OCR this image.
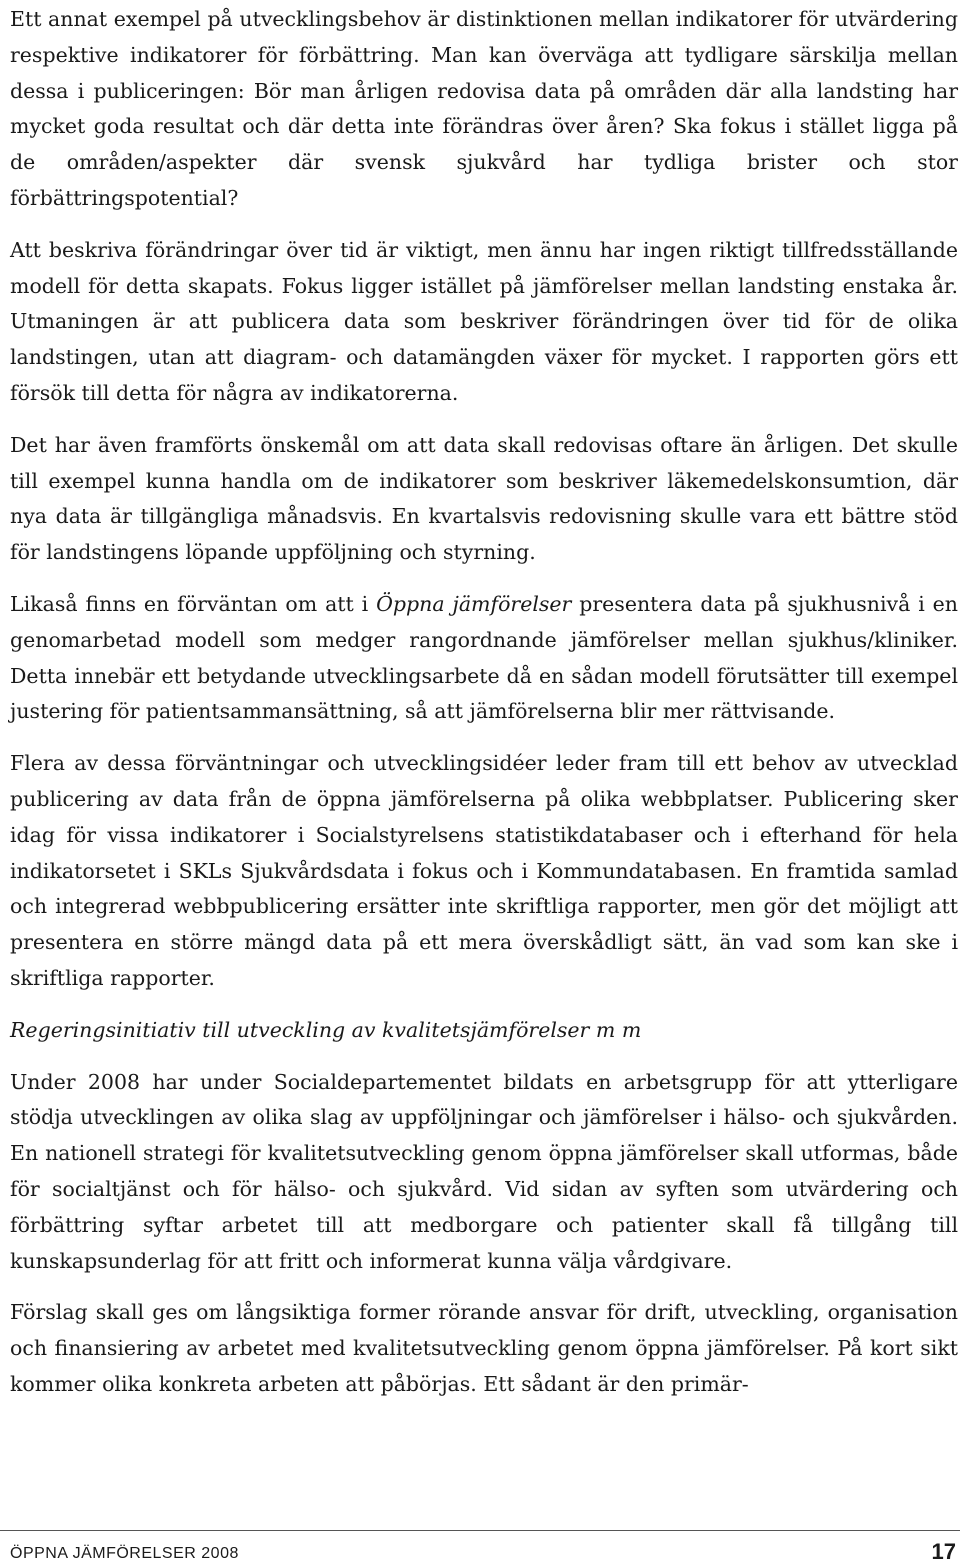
Ett annat exempel på utvecklingsbehov är distinktionen mellan indikatorer för utvärdering respektive indikatorer för förbättring. Man kan överväga att tydligare särskilja mellan dessa i publiceringen: Bör man årligen redovisa data på områden där alla landsting har mycket goda resultat och där detta inte förändras över åren? Ska fokus i stället ligga på de områden/aspekter där svensk sjukvård har tydliga brister och stor förbättringspotential?

Att beskriva förändringar över tid är viktigt, men ännu har ingen riktigt tillfredsställande modell för detta skapats. Fokus ligger istället på jämförelser mellan landsting enstaka år. Utmaningen är att publicera data som beskriver förändringen över tid för de olika landstingen, utan att diagram- och datamängden växer för mycket. I rapporten görs ett försök till detta för några av indikatorerna.

Det har även framförts önskemål om att data skall redovisas oftare än årligen. Det skulle till exempel kunna handla om de indikatorer som beskriver läkemedelskonsumtion, där nya data är tillgängliga månadsvis. En kvartalsvis redovisning skulle vara ett bättre stöd för landstingens löpande uppföljning och styrning.

Likaså finns en förväntan om att i Öppna jämförelser presentera data på sjukhusnivå i en genomarbetad modell som medger rangordnande jämförelser mellan sjukhus/kliniker. Detta innebär ett betydande utvecklingsarbete då en sådan modell förutsätter till exempel justering för patientsammansättning, så att jämförelserna blir mer rättvisande.

Flera av dessa förväntningar och utvecklingsidéer leder fram till ett behov av utvecklad publicering av data från de öppna jämförelserna på olika webbplatser. Publicering sker idag för vissa indikatorer i Socialstyrelsens statistikdatabaser och i efterhand för hela indikatorsetet i SKLs Sjukvårdsdata i fokus och i Kommundatabasen. En framtida samlad och integrerad webbpublicering ersätter inte skriftliga rapporter, men gör det möjligt att presentera en större mängd data på ett mera överskådligt sätt, än vad som kan ske i skriftliga rapporter.

Regeringsinitiativ till utveckling av kvalitetsjämförelser m m

Under 2008 har under Socialdepartementet bildats en arbetsgrupp för att ytterligare stödja utvecklingen av olika slag av uppföljningar och jämförelser i hälso- och sjukvården. En nationell strategi för kvalitetsutveckling genom öppna jämförelser skall utformas, både för socialtjänst och för hälso- och sjukvård. Vid sidan av syften som utvärdering och förbättring syftar arbetet till att medborgare och patienter skall få tillgång till kunskapsunderlag för att fritt och informerat kunna välja vårdgivare.

Förslag skall ges om långsiktiga former rörande ansvar för drift, utveckling, organisation och finansiering av arbetet med kvalitetsutveckling genom öppna jämförelser. På kort sikt kommer olika konkreta arbeten att påbörjas. Ett sådant är den primär-

ÖPPNA JÄMFÖRELSER 2008	17
